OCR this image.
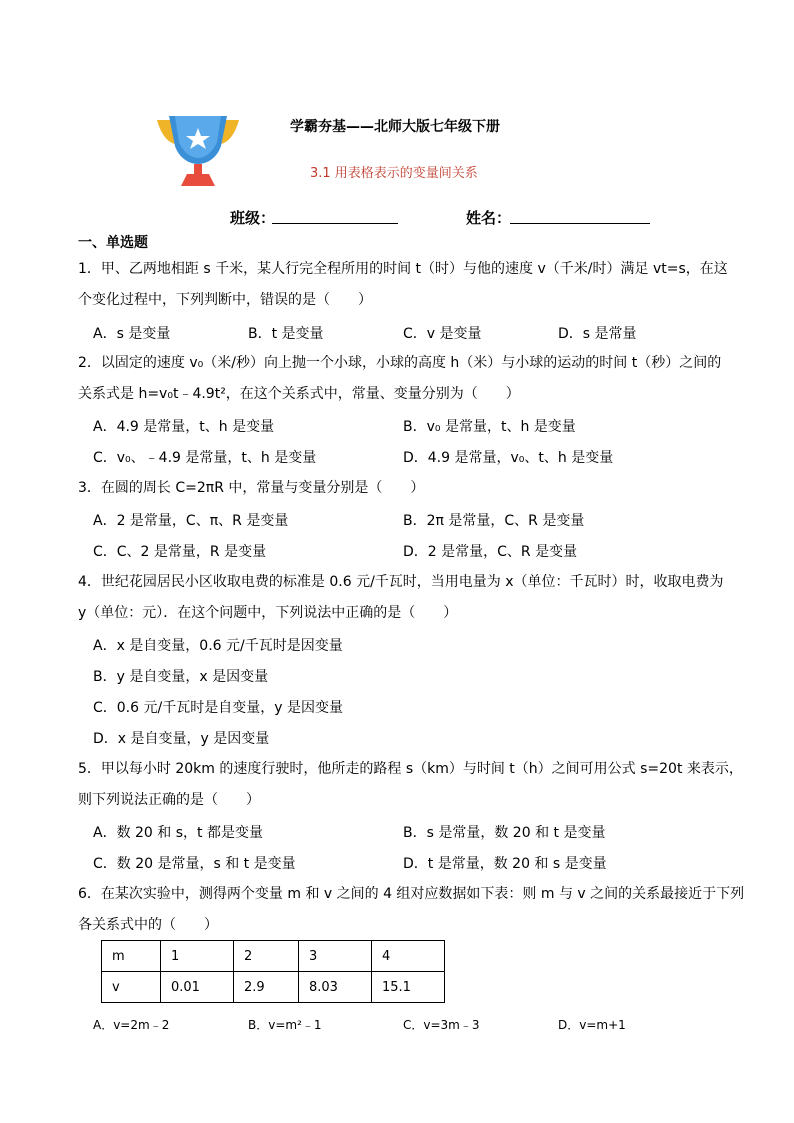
学霸夯基——北师大版七年级下册
3.1 用表格表示的变量间关系
班级：	姓名：
一、单选题
1．甲、乙两地相距 s 千米，某人行完全程所用的时间 t（时）与他的速度 v（千米/时）满足 vt=s，在这
个变化过程中，下列判断中，错误的是（　　）
A．s 是变量	B．t 是变量	C．v 是变量	D．s 是常量
2．以固定的速度 v₀（米/秒）向上抛一个小球，小球的高度 h（米）与小球的运动的时间 t（秒）之间的
关系式是 h=v₀t﹣4.9t²，在这个关系式中，常量、变量分别为（　　）
A．4.9 是常量，t、h 是变量	B．v₀ 是常量，t、h 是变量
C．v₀、﹣4.9 是常量，t、h 是变量	D．4.9 是常量，v₀、t、h 是变量
3．在圆的周长 C=2πR 中，常量与变量分别是（　　）
A．2 是常量，C、π、R 是变量	B．2π 是常量，C、R 是变量
C．C、2 是常量，R 是变量	D．2 是常量，C、R 是变量
4．世纪花园居民小区收取电费的标准是 0.6 元/千瓦时，当用电量为 x（单位：千瓦时）时，收取电费为
y（单位：元）．在这个问题中，下列说法中正确的是（　　）
A．x 是自变量，0.6 元/千瓦时是因变量
B．y 是自变量，x 是因变量
C．0.6 元/千瓦时是自变量，y 是因变量
D．x 是自变量，y 是因变量
5．甲以每小时 20km 的速度行驶时，他所走的路程 s（km）与时间 t（h）之间可用公式 s=20t 来表示，
则下列说法正确的是（　　）
A．数 20 和 s，t 都是变量	B．s 是常量，数 20 和 t 是变量
C．数 20 是常量，s 和 t 是变量	D．t 是常量，数 20 和 s 是变量
6．在某次实验中，测得两个变量 m 和 v 之间的 4 组对应数据如下表：则 m 与 v 之间的关系最接近于下列
各关系式中的（　　）
m	1	2	3	4
v	0.01	2.9	8.03	15.1
A．v=2m﹣2	B．v=m²﹣1	C．v=3m﹣3	D．v=m+1
